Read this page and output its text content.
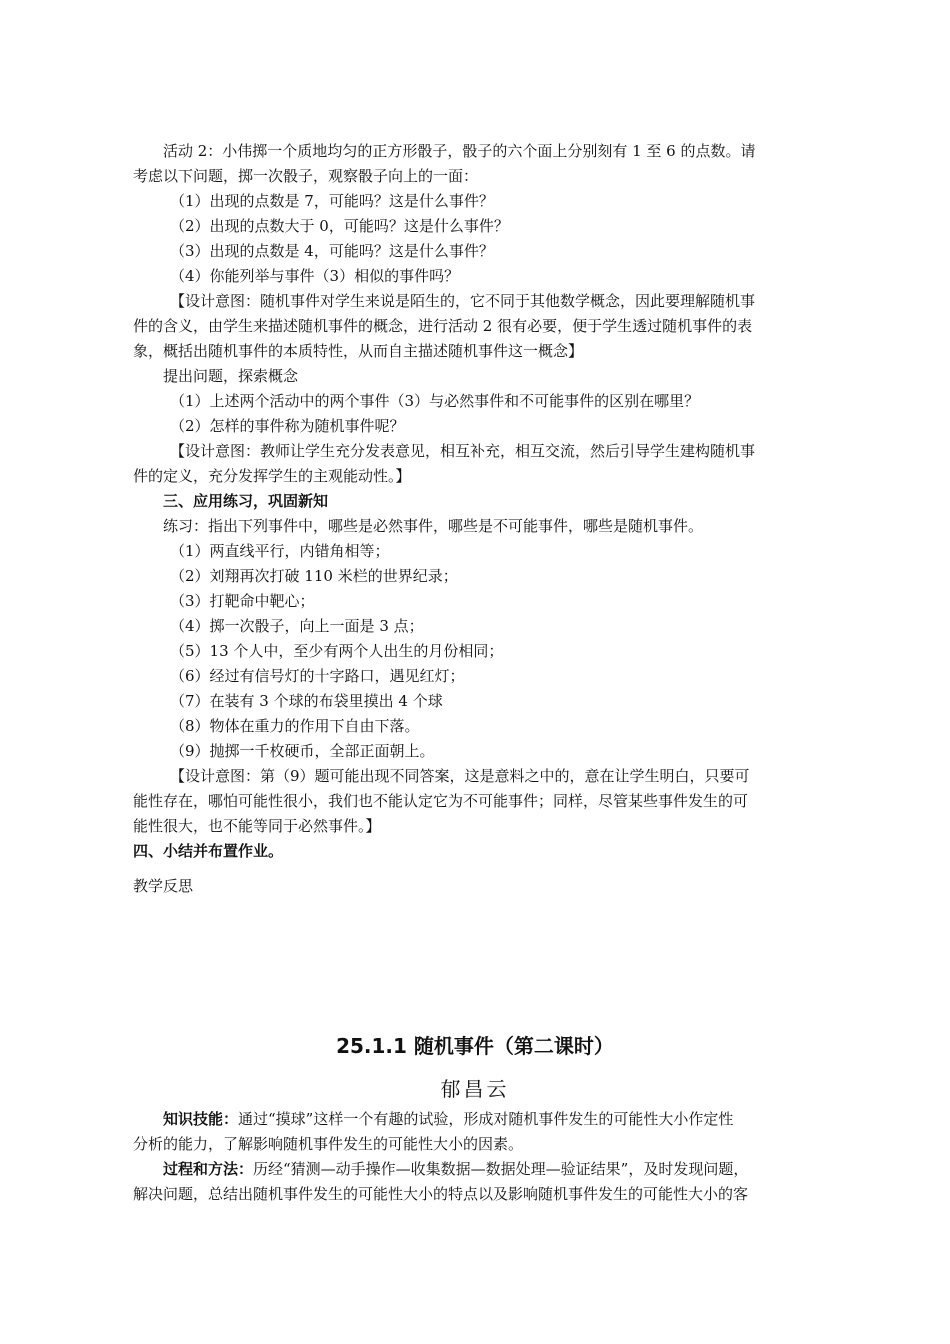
活动 2：小伟掷一个质地均匀的正方形骰子，骰子的六个面上分别刻有 1 至 6 的点数。请
考虑以下问题，掷一次骰子，观察骰子向上的一面：
（1）出现的点数是 7，可能吗？这是什么事件？
（2）出现的点数大于 0，可能吗？这是什么事件？
（3）出现的点数是 4，可能吗？这是什么事件？
（4）你能列举与事件（3）相似的事件吗？
【设计意图：随机事件对学生来说是陌生的，它不同于其他数学概念，因此要理解随机事
件的含义，由学生来描述随机事件的概念，进行活动 2 很有必要，便于学生透过随机事件的表
象，概括出随机事件的本质特性，从而自主描述随机事件这一概念】
提出问题，探索概念
（1）上述两个活动中的两个事件（3）与必然事件和不可能事件的区别在哪里？
（2）怎样的事件称为随机事件呢？
【设计意图：教师让学生充分发表意见，相互补充，相互交流，然后引导学生建构随机事
件的定义，充分发挥学生的主观能动性。】
三、应用练习，巩固新知
练习：指出下列事件中，哪些是必然事件，哪些是不可能事件，哪些是随机事件。
（1）两直线平行，内错角相等；
（2）刘翔再次打破 110 米栏的世界纪录；
（3）打靶命中靶心；
（4）掷一次骰子，向上一面是 3 点；
（5）13 个人中，至少有两个人出生的月份相同；
（6）经过有信号灯的十字路口，遇见红灯；
（7）在装有 3 个球的布袋里摸出 4 个球
（8）物体在重力的作用下自由下落。
（9）抛掷一千枚硬币，全部正面朝上。
【设计意图：第（9）题可能出现不同答案，这是意料之中的，意在让学生明白，只要可
能性存在，哪怕可能性很小，我们也不能认定它为不可能事件；同样，尽管某些事件发生的可
能性很大，也不能等同于必然事件。】
四、小结并布置作业。
教学反思
25.1.1 随机事件（第二课时）
郁昌云
知识技能：通过“摸球”这样一个有趣的试验，形成对随机事件发生的可能性大小作定性
分析的能力，了解影响随机事件发生的可能性大小的因素。
过程和方法：历经“猜测—动手操作—收集数据—数据处理—验证结果”，及时发现问题，
解决问题，总结出随机事件发生的可能性大小的特点以及影响随机事件发生的可能性大小的客
